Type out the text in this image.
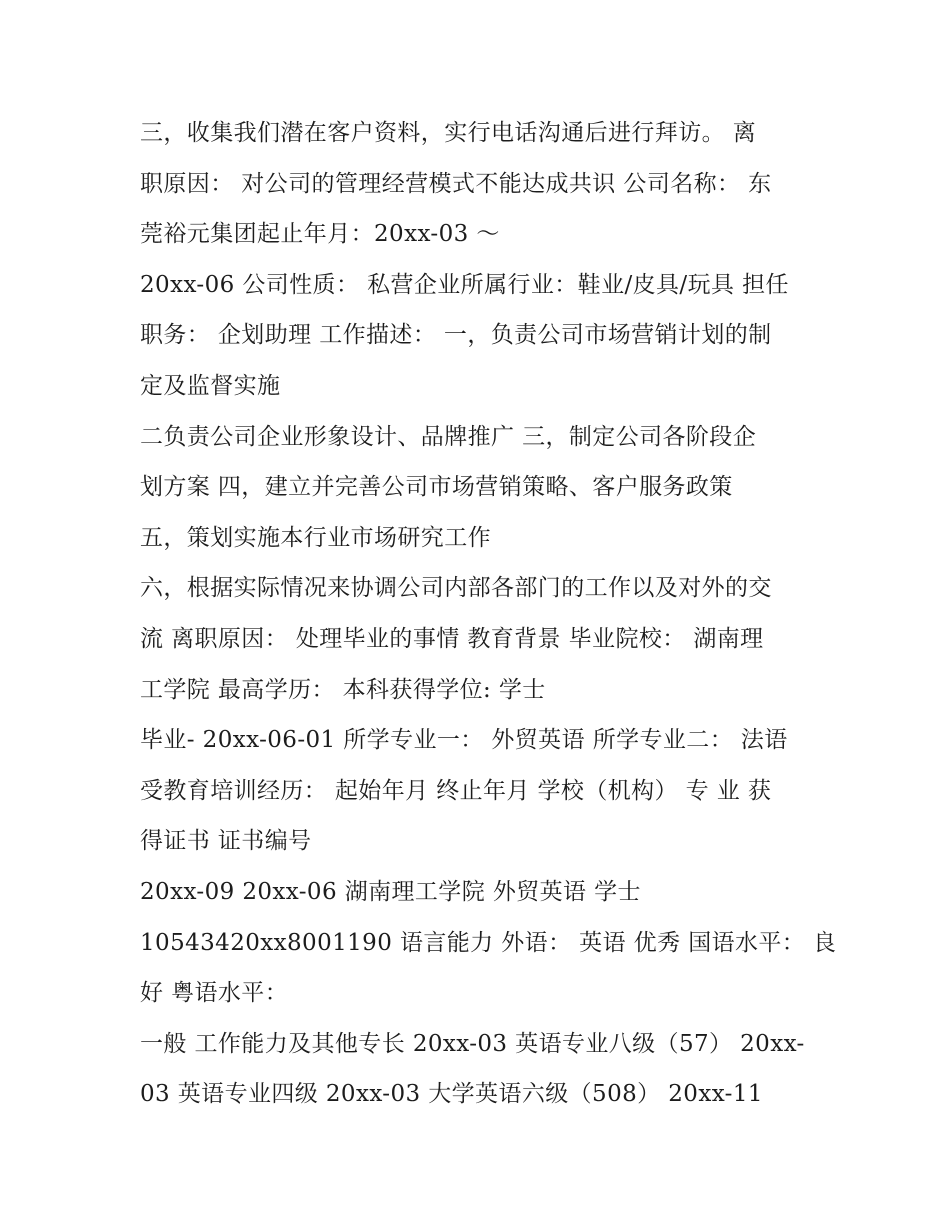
三，收集我们潜在客户资料，实行电话沟通后进行拜访。 离
职原因： 对公司的管理经营模式不能达成共识 公司名称： 东
莞裕元集团起止年月：20xx-03 ～
20xx-06 公司性质： 私营企业所属行业：鞋业/皮具/玩具 担任
职务： 企划助理 工作描述： 一，负责公司市场营销计划的制
定及监督实施
二负责公司企业形象设计、品牌推广 三，制定公司各阶段企
划方案 四，建立并完善公司市场营销策略、客户服务政策
五，策划实施本行业市场研究工作
六，根据实际情况来协调公司内部各部门的工作以及对外的交
流 离职原因： 处理毕业的事情 教育背景 毕业院校： 湖南理
工学院 最高学历： 本科获得学位: 学士
毕业- 20xx-06-01 所学专业一： 外贸英语 所学专业二： 法语
受教育培训经历： 起始年月 终止年月 学校（机构） 专 业 获
得证书 证书编号
20xx-09 20xx-06 湖南理工学院 外贸英语 学士
10543420xx8001190 语言能力 外语： 英语 优秀 国语水平： 良
好 粤语水平：
一般 工作能力及其他专长 20xx-03 英语专业八级（57） 20xx-
03 英语专业四级 20xx-03 大学英语六级（508） 20xx-11
